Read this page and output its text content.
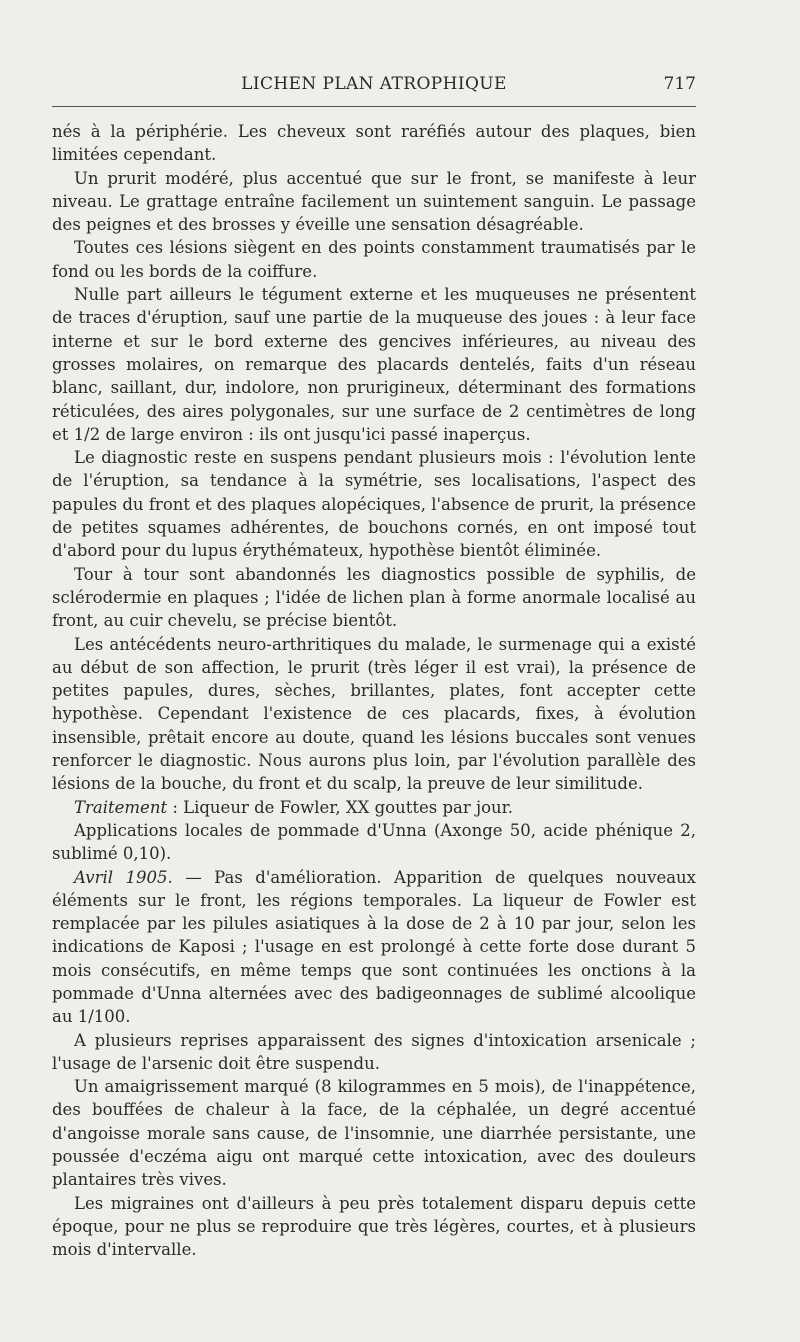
LICHEN PLAN ATROPHIQUE	717

nés à la périphérie. Les cheveux sont raréfiés autour des plaques, bien limitées cependant.

Un prurit modéré, plus accentué que sur le front, se manifeste à leur niveau. Le grattage entraîne facilement un suintement sanguin. Le passage des peignes et des brosses y éveille une sensation désagréable.

Toutes ces lésions siègent en des points constamment traumatisés par le fond ou les bords de la coiffure.

Nulle part ailleurs le tégument externe et les muqueuses ne présentent de traces d'éruption, sauf une partie de la muqueuse des joues : à leur face interne et sur le bord externe des gencives inférieures, au niveau des grosses molaires, on remarque des placards dentelés, faits d'un réseau blanc, saillant, dur, indolore, non prurigineux, déterminant des formations réticulées, des aires polygonales, sur une surface de 2 centimètres de long et 1/2 de large environ : ils ont jusqu'ici passé inaperçus.

Le diagnostic reste en suspens pendant plusieurs mois : l'évolution lente de l'éruption, sa tendance à la symétrie, ses localisations, l'aspect des papules du front et des plaques alopéciques, l'absence de prurit, la présence de petites squames adhérentes, de bouchons cornés, en ont imposé tout d'abord pour du lupus érythémateux, hypothèse bientôt éliminée.

Tour à tour sont abandonnés les diagnostics possible de syphilis, de sclérodermie en plaques ; l'idée de lichen plan à forme anormale localisé au front, au cuir chevelu, se précise bientôt.

Les antécédents neuro-arthritiques du malade, le surmenage qui a existé au début de son affection, le prurit (très léger il est vrai), la présence de petites papules, dures, sèches, brillantes, plates, font accepter cette hypothèse. Cependant l'existence de ces placards, fixes, à évolution insensible, prêtait encore au doute, quand les lésions buccales sont venues renforcer le diagnostic. Nous aurons plus loin, par l'évolution parallèle des lésions de la bouche, du front et du scalp, la preuve de leur similitude.

Traitement : Liqueur de Fowler, XX gouttes par jour.

Applications locales de pommade d'Unna (Axonge 50, acide phénique 2, sublimé 0,10).

Avril 1905. — Pas d'amélioration. Apparition de quelques nouveaux éléments sur le front, les régions temporales. La liqueur de Fowler est remplacée par les pilules asiatiques à la dose de 2 à 10 par jour, selon les indications de Kaposi ; l'usage en est prolongé à cette forte dose durant 5 mois consécutifs, en même temps que sont continuées les onctions à la pommade d'Unna alternées avec des badigeonnages de sublimé alcoolique au 1/100.

A plusieurs reprises apparaissent des signes d'intoxication arsenicale ; l'usage de l'arsenic doit être suspendu.

Un amaigrissement marqué (8 kilogrammes en 5 mois), de l'inappétence, des bouffées de chaleur à la face, de la céphalée, un degré accentué d'angoisse morale sans cause, de l'insomnie, une diarrhée persistante, une poussée d'eczéma aigu ont marqué cette intoxication, avec des douleurs plantaires très vives.

Les migraines ont d'ailleurs à peu près totalement disparu depuis cette époque, pour ne plus se reproduire que très légères, courtes, et à plusieurs mois d'intervalle.
